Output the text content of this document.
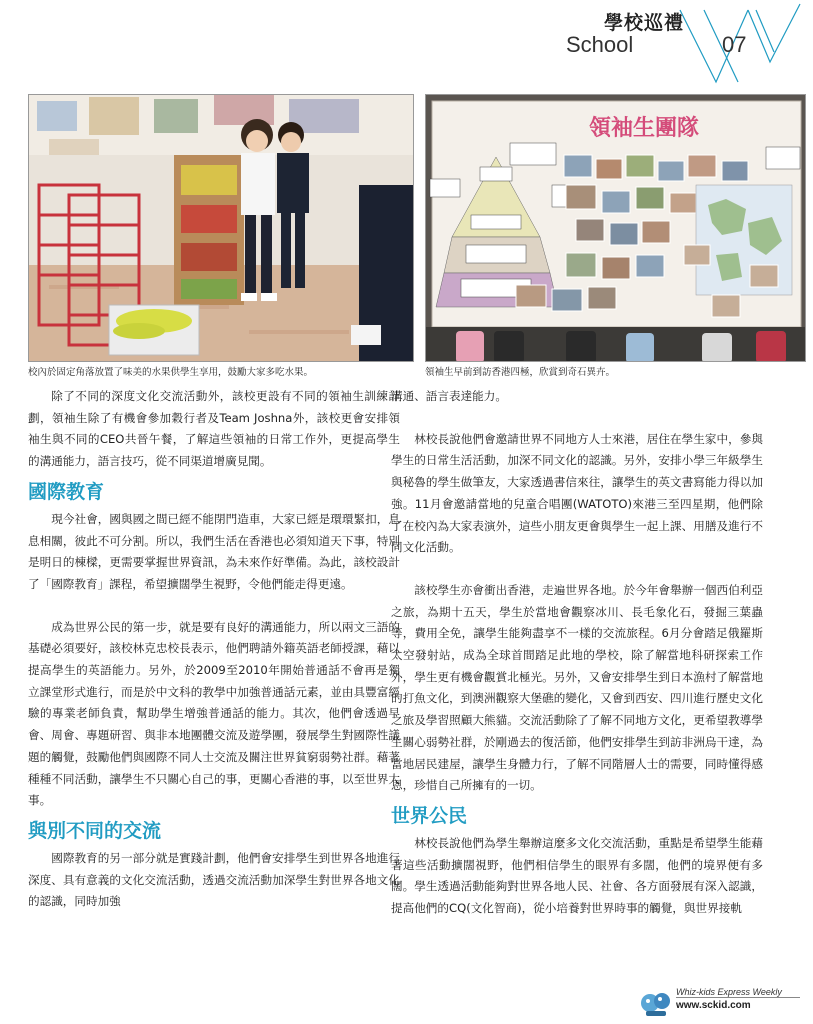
學校巡禮
School	07
校內於固定角落放置了味美的水果供學生享用，鼓勵大家多吃水果。
領袖生團隊
領袖生早前到訪香港四極，欣賞到奇石異卉。

除了不同的深度文化交流活動外，該校更設有不同的領袖生訓練計劃，領袖生除了有機會參加穀行者及Team Joshna外，該校更會安排領袖生與不同的CEO共晉午餐，了解這些領袖的日常工作外，更提高學生的溝通能力，語言技巧，從不同渠道增廣見聞。

國際教育

現今社會，國與國之間已經不能閉門造車，大家已經是環環緊扣，息息相關，彼此不可分割。所以，我們生活在香港也必須知道天下事，特別是明日的棟樑，更需要掌握世界資訊，為未來作好準備。為此，該校設計了「國際教育」課程，希望擴闊學生視野，令他們能走得更遠。

成為世界公民的第一步，就是要有良好的溝通能力，所以兩文三語的基礎必須要好，該校林克忠校長表示，他們聘請外籍英語老師授課，藉以提高學生的英語能力。另外，於2009至2010年開始普通話不會再是獨立課堂形式進行，而是於中文科的教學中加強普通話元素，並由具豐富經驗的專業老師負責，幫助學生增強普通話的能力。其次，他們會透過早會、周會、專題研習、與非本地團體交流及遊學團，發展學生對國際性議題的觸覺，鼓勵他們與國際不同人士交流及關注世界貧窮弱勢社群。藉著種種不同活動，讓學生不只關心自己的事，更關心香港的事，以至世界大事。

與別不同的交流

國際教育的另一部分就是實踐計劃，他們會安排學生到世界各地進行深度、具有意義的文化交流活動，透過交流活動加深學生對世界各地文化的認識，同時加強

溝通、語言表達能力。

林校長說他們會邀請世界不同地方人士來港，居住在學生家中，參與學生的日常生活活動，加深不同文化的認識。另外，安排小學三年級學生與秘魯的學生做筆友，大家透過書信來往，讓學生的英文書寫能力得以加強。11月會邀請當地的兒童合唱團(WATOTO)來港三至四星期，他們除了在校內為大家表演外，這些小朋友更會與學生一起上課、用膳及進行不同文化活動。

該校學生亦會衝出香港，走遍世界各地。於今年會舉辦一個西伯利亞之旅，為期十五天，學生於當地會觀察冰川、長毛象化石，發掘三葉蟲等，費用全免，讓學生能夠盡享不一樣的交流旅程。6月分會踏足俄羅斯太空發射站，成為全球首間踏足此地的學校，除了解當地科研探索工作外，學生更有機會觀賞北極光。另外，又會安排學生到日本漁村了解當地的打魚文化，到澳洲觀察大堡礁的變化，又會到西安、四川進行歷史文化之旅及學習照顧大熊貓。交流活動除了了解不同地方文化，更希望教導學生關心弱勢社群，於剛過去的復活節，他們安排學生到訪非洲烏干達，為當地居民建屋，讓學生身體力行，了解不同階層人士的需要，同時懂得感恩，珍惜自己所擁有的一切。

世界公民

林校長說他們為學生舉辦這麼多文化交流活動，重點是希望學生能藉著這些活動擴闊視野，他們相信學生的眼界有多闊，他們的境界便有多闊。學生透過活動能夠對世界各地人民、社會、各方面發展有深入認識，提高他們的CQ(文化智商)，從小培養對世界時事的觸覺，與世界接軌

Whiz-kids Express Weekly
www.sckid.com
